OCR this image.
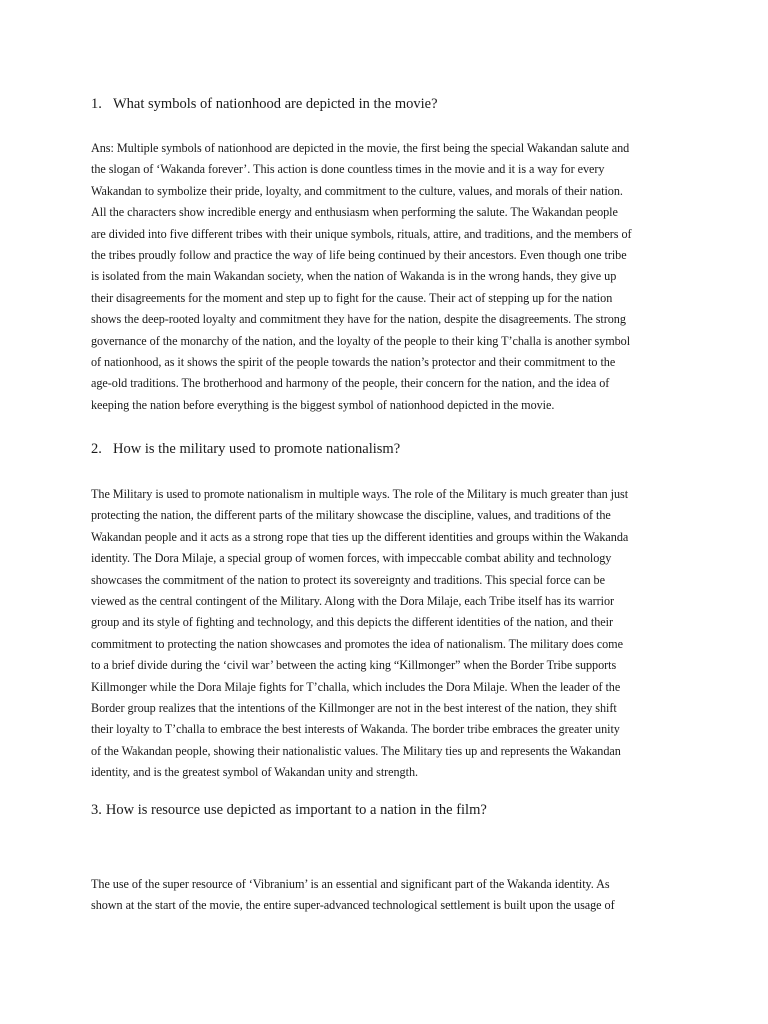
1. What symbols of nationhood are depicted in the movie?
Ans: Multiple symbols of nationhood are depicted in the movie, the first being the special Wakandan salute and
the slogan of ‘Wakanda forever’. This action is done countless times in the movie and it is a way for every
Wakandan to symbolize their pride, loyalty, and commitment to the culture, values, and morals of their nation.
All the characters show incredible energy and enthusiasm when performing the salute. The Wakandan people
are divided into five different tribes with their unique symbols, rituals, attire, and traditions, and the members of
the tribes proudly follow and practice the way of life being continued by their ancestors. Even though one tribe
is isolated from the main Wakandan society, when the nation of Wakanda is in the wrong hands, they give up
their disagreements for the moment and step up to fight for the cause. Their act of stepping up for the nation
shows the deep-rooted loyalty and commitment they have for the nation, despite the disagreements. The strong
governance of the monarchy of the nation, and the loyalty of the people to their king T’challa is another symbol
of nationhood, as it shows the spirit of the people towards the nation’s protector and their commitment to the
age-old traditions. The brotherhood and harmony of the people, their concern for the nation, and the idea of
keeping the nation before everything is the biggest symbol of nationhood depicted in the movie.
2. How is the military used to promote nationalism?
The Military is used to promote nationalism in multiple ways. The role of the Military is much greater than just
protecting the nation, the different parts of the military showcase the discipline, values, and traditions of the
Wakandan people and it acts as a strong rope that ties up the different identities and groups within the Wakanda
identity. The Dora Milaje, a special group of women forces, with impeccable combat ability and technology
showcases the commitment of the nation to protect its sovereignty and traditions. This special force can be
viewed as the central contingent of the Military. Along with the Dora Milaje, each Tribe itself has its warrior
group and its style of fighting and technology, and this depicts the different identities of the nation, and their
commitment to protecting the nation showcases and promotes the idea of nationalism. The military does come
to a brief divide during the ‘civil war’ between the acting king “Killmonger” when the Border Tribe supports
Killmonger while the Dora Milaje fights for T’challa, which includes the Dora Milaje. When the leader of the
Border group realizes that the intentions of the Killmonger are not in the best interest of the nation, they shift
their loyalty to T’challa to embrace the best interests of Wakanda. The border tribe embraces the greater unity
of the Wakandan people, showing their nationalistic values. The Military ties up and represents the Wakandan
identity, and is the greatest symbol of Wakandan unity and strength.
3. How is resource use depicted as important to a nation in the film?
The use of the super resource of ‘Vibranium’ is an essential and significant part of the Wakanda identity. As
shown at the start of the movie, the entire super-advanced technological settlement is built upon the usage of
